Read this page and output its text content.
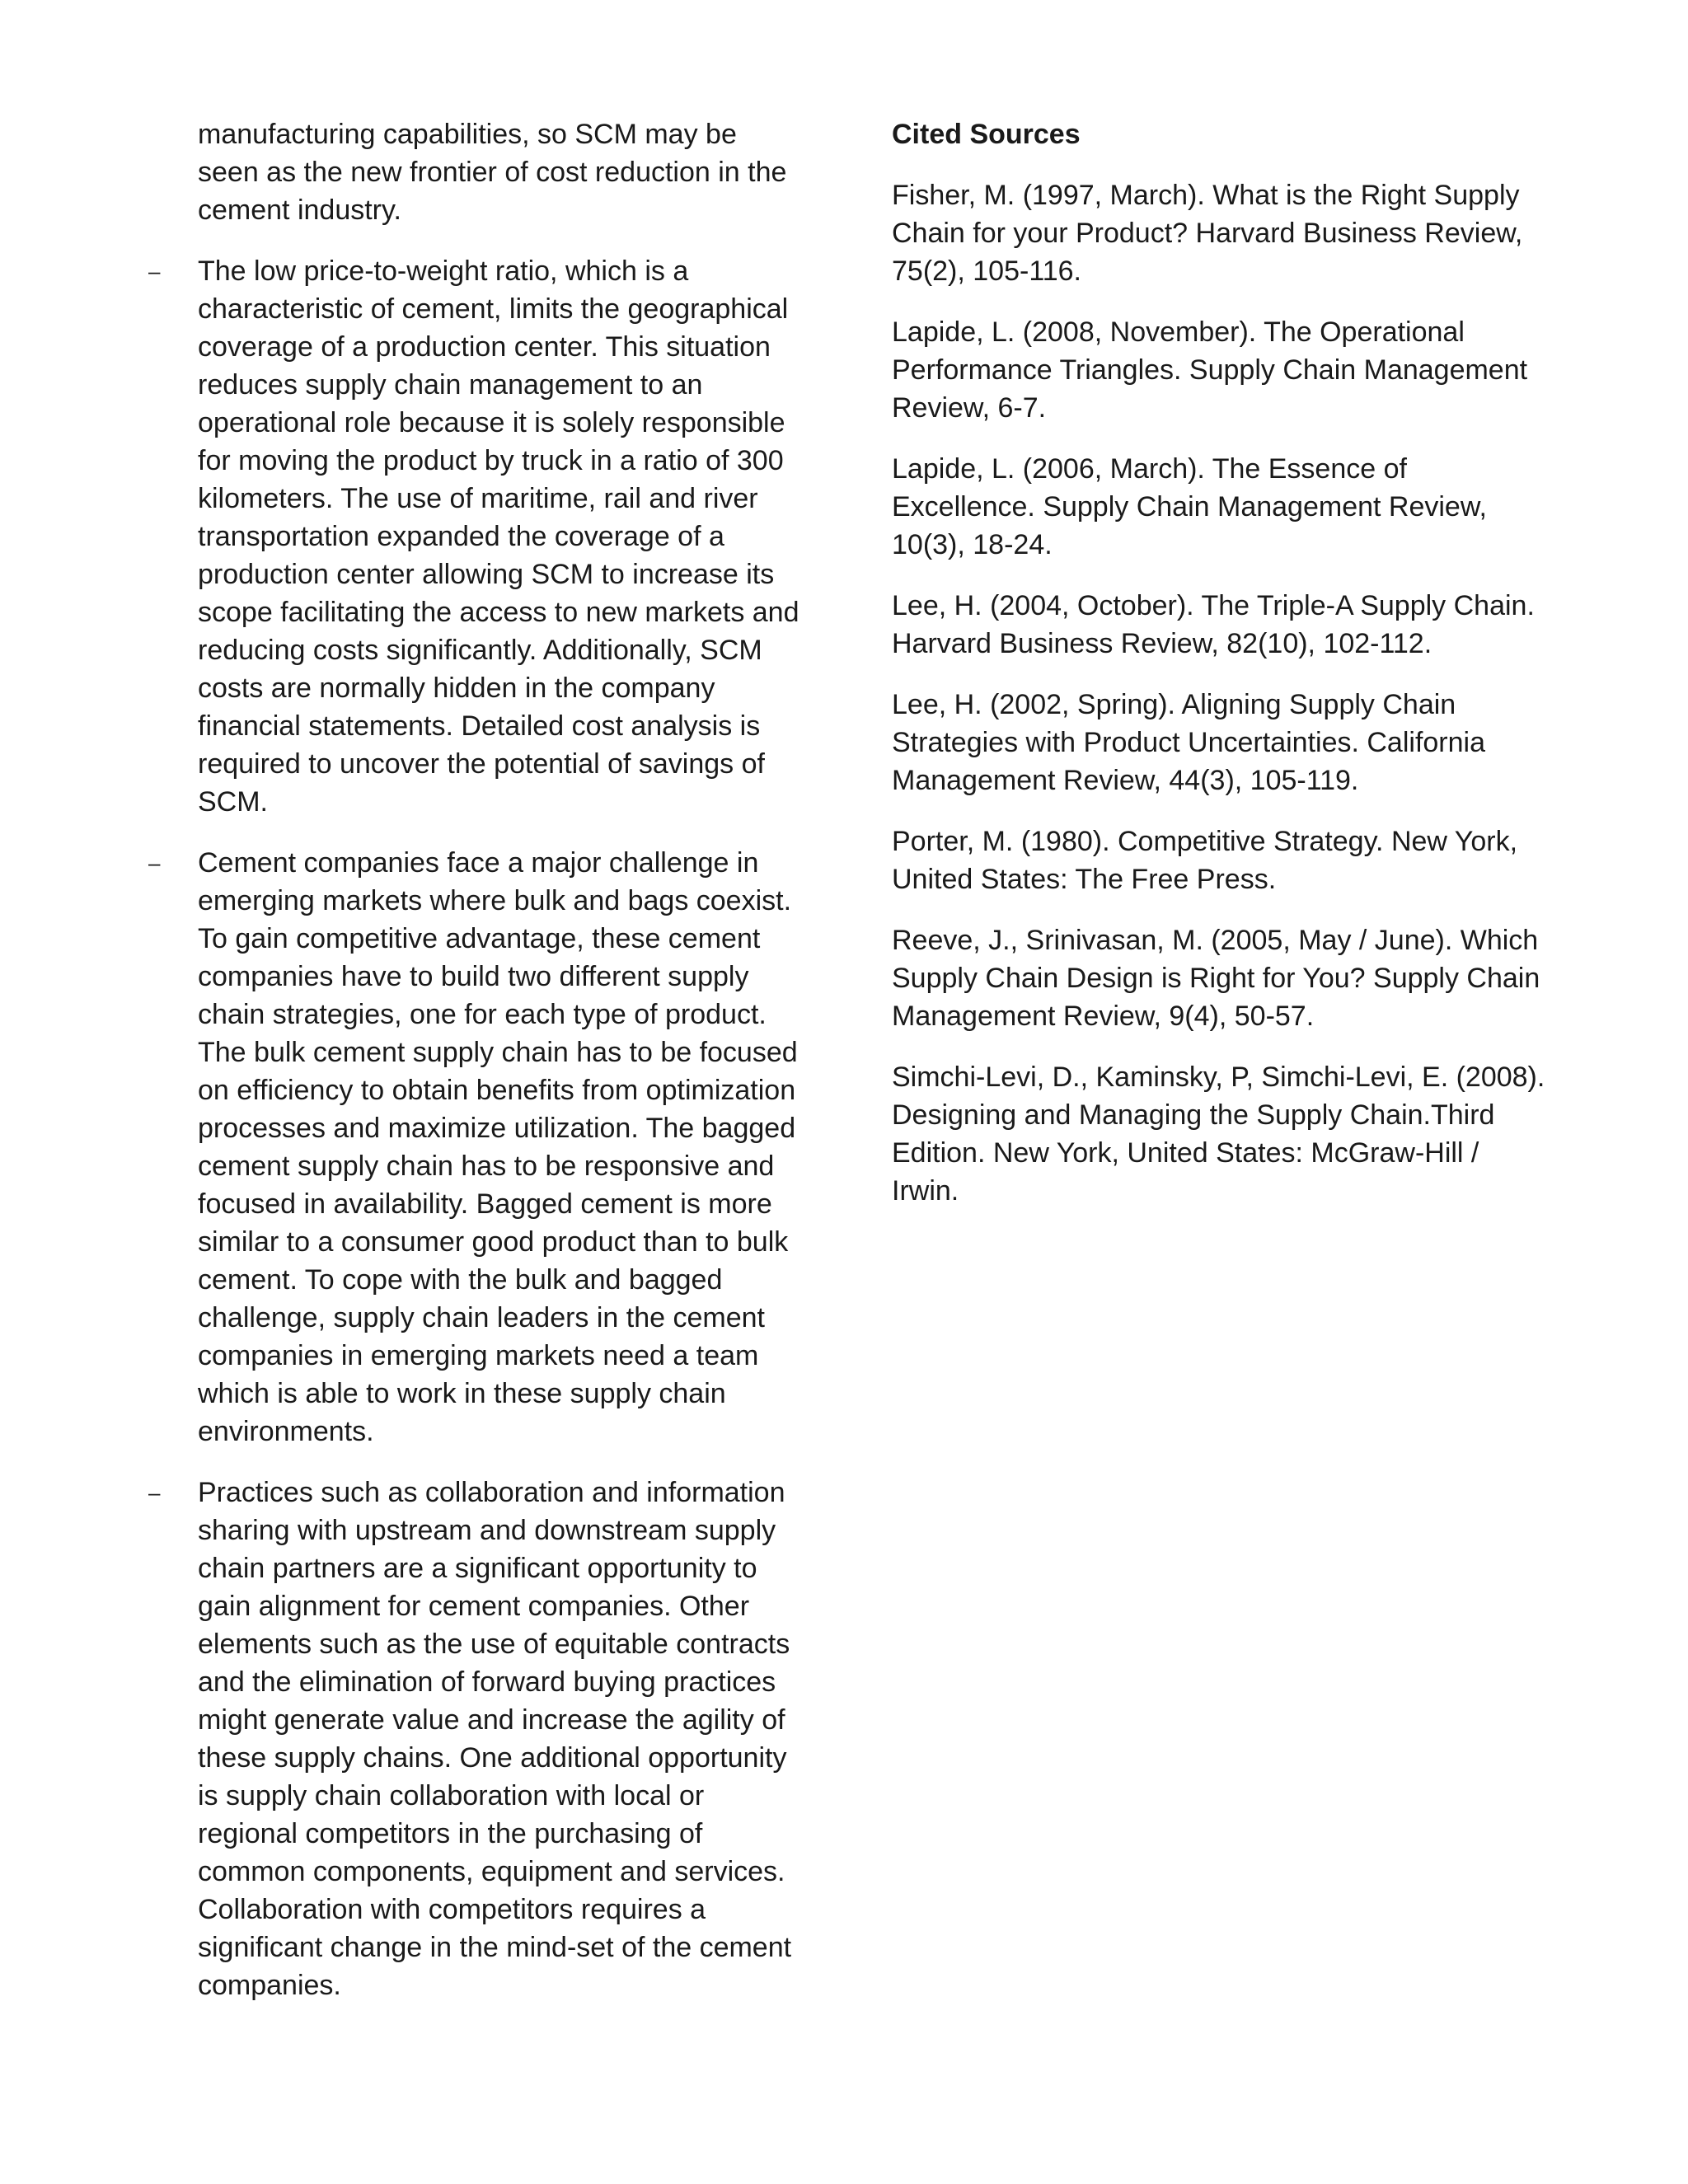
manufacturing capabilities, so SCM may be seen as the new frontier of cost reduction in the cement industry.

– The low price-to-weight ratio, which is a characteristic of cement, limits the geographical coverage of a production center. This situation reduces supply chain management to an operational role because it is solely responsible for moving the product by truck in a ratio of 300 kilometers. The use of maritime, rail and river transportation expanded the coverage of a production center allowing SCM to increase its scope facilitating the access to new markets and reducing costs significantly. Additionally, SCM costs are normally hidden in the company financial statements. Detailed cost analysis is required to uncover the potential of savings of SCM.
– Cement companies face a major challenge in emerging markets where bulk and bags coexist. To gain competitive advantage, these cement companies have to build two different supply chain strategies, one for each type of product. The bulk cement supply chain has to be focused on efficiency to obtain benefits from optimization processes and maximize utilization. The bagged cement supply chain has to be responsive and focused in availability. Bagged cement is more similar to a consumer good product than to bulk cement. To cope with the bulk and bagged challenge, supply chain leaders in the cement companies in emerging markets need a team which is able to work in these supply chain environments.
– Practices such as collaboration and information sharing with upstream and downstream supply chain partners are a significant opportunity to gain alignment for cement companies. Other elements such as the use of equitable contracts and the elimination of forward buying practices might generate value and increase the agility of these supply chains. One additional opportunity is supply chain collaboration with local or regional competitors in the purchasing of common components, equipment and services. Collaboration with competitors requires a significant change in the mind-set of the cement companies.

Cited Sources

Fisher, M. (1997, March). What is the Right Supply Chain for your Product? Harvard Business Review, 75(2), 105-116.

Lapide, L. (2008, November). The Operational Performance Triangles. Supply Chain Management Review, 6-7.

Lapide, L. (2006, March). The Essence of Excellence. Supply Chain Management Review, 10(3), 18-24.

Lee, H. (2004, October). The Triple-A Supply Chain. Harvard Business Review, 82(10), 102-112.

Lee, H. (2002, Spring). Aligning Supply Chain Strategies with Product Uncertainties. California Management Review, 44(3), 105-119.

Porter, M. (1980). Competitive Strategy. New York, United States: The Free Press.

Reeve, J., Srinivasan, M. (2005, May / June). Which Supply Chain Design is Right for You? Supply Chain Management Review, 9(4), 50-57.

Simchi-Levi, D., Kaminsky, P, Simchi-Levi, E. (2008). Designing and Managing the Supply Chain.Third Edition. New York, United States: McGraw-Hill / Irwin.
